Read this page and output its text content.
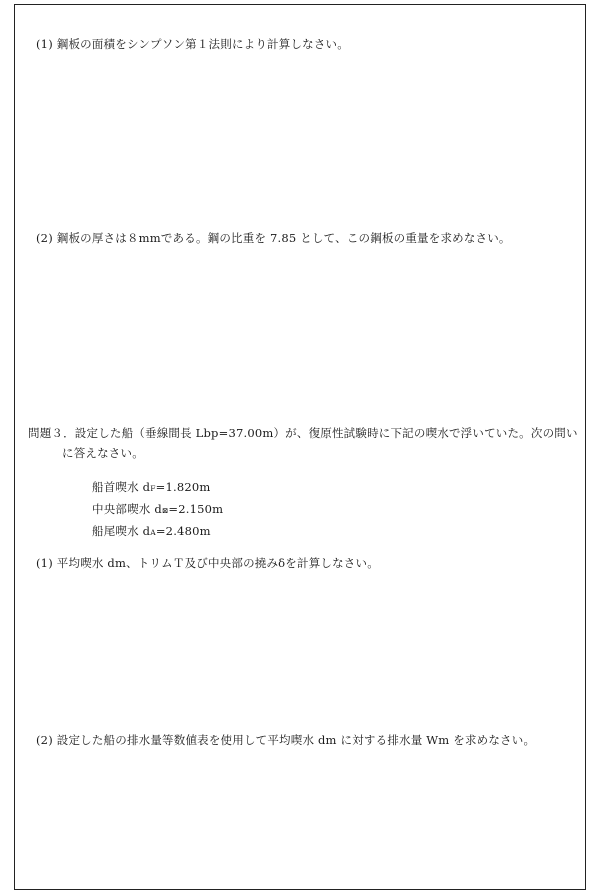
(1) 鋼板の面積をシンプソン第１法則により計算しなさい。
(2) 鋼板の厚さは８mmである。鋼の比重を 7.85 として、この鋼板の重量を求めなさい。
問題３．設定した船（垂線間長 Lbp=37.00m）が、復原性試験時に下記の喫水で浮いていた。次の問い
に答えなさい。
船首喫水 dF=1.820m
中央部喫水 d⊠=2.150m
船尾喫水 dA=2.480m
(1) 平均喫水 dm、トリムＴ及び中央部の撓みδを計算しなさい。
(2) 設定した船の排水量等数値表を使用して平均喫水 dm に対する排水量 Wm を求めなさい。
